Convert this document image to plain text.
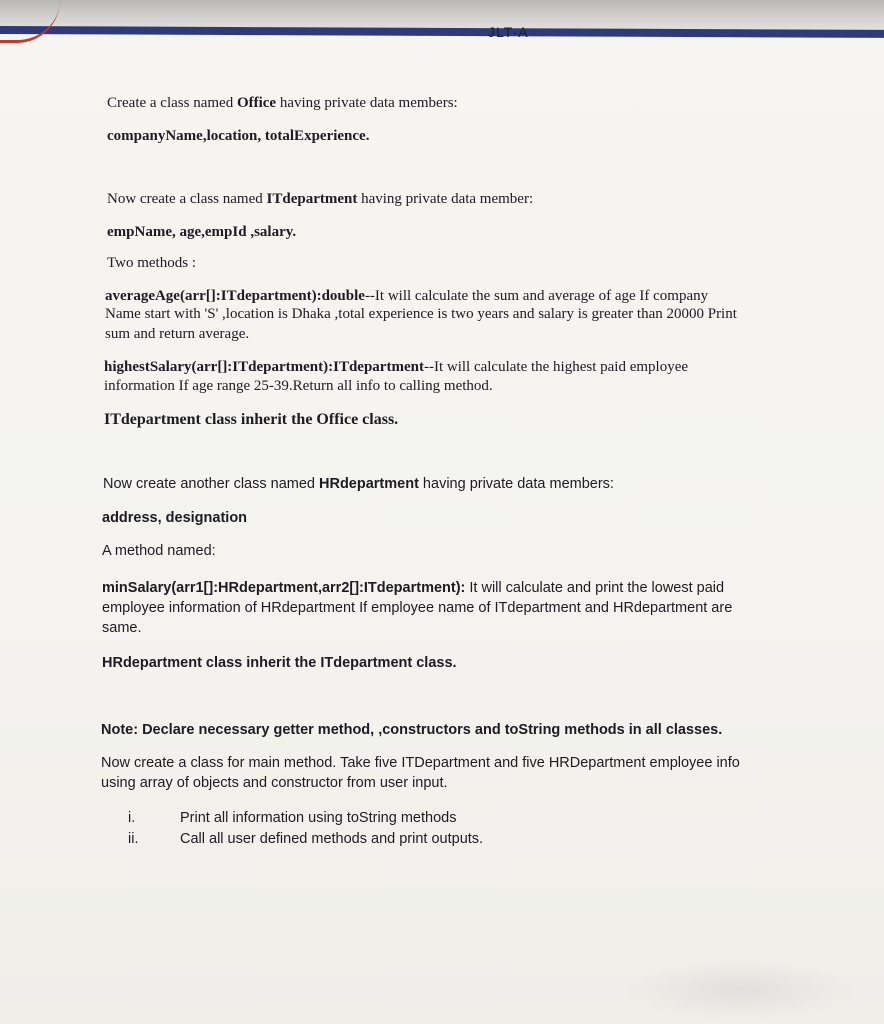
JLT-A
Create a class named Office having private data members:
companyName,location, totalExperience.
Now create a class named ITdepartment having private data member:
empName, age,empId ,salary.
Two methods :
averageAge(arr[]:ITdepartment):double--It will calculate the sum and average of age If company
Name start with 'S' ,location is Dhaka ,total experience is two years and salary is greater than 20000 Print
sum and return average.
highestSalary(arr[]:ITdepartment):ITdepartment--It will calculate the highest paid employee
information If age range 25-39.Return all info to calling method.
ITdepartment class inherit the Office class.
Now create another class named HRdepartment having private data members:
address, designation
A method named:
minSalary(arr1[]:HRdepartment,arr2[]:ITdepartment): It will calculate and print the lowest paid
employee information of HRdepartment If employee name of ITdepartment and HRdepartment are
same.
HRdepartment class inherit the ITdepartment class.
Note: Declare necessary getter method, ,constructors and toString methods in all classes.
Now create a class for main method. Take five ITDepartment and five HRDepartment employee info
using array of objects and constructor from user input.
i.	Print all information using toString methods
ii.	Call all user defined methods and print outputs.
